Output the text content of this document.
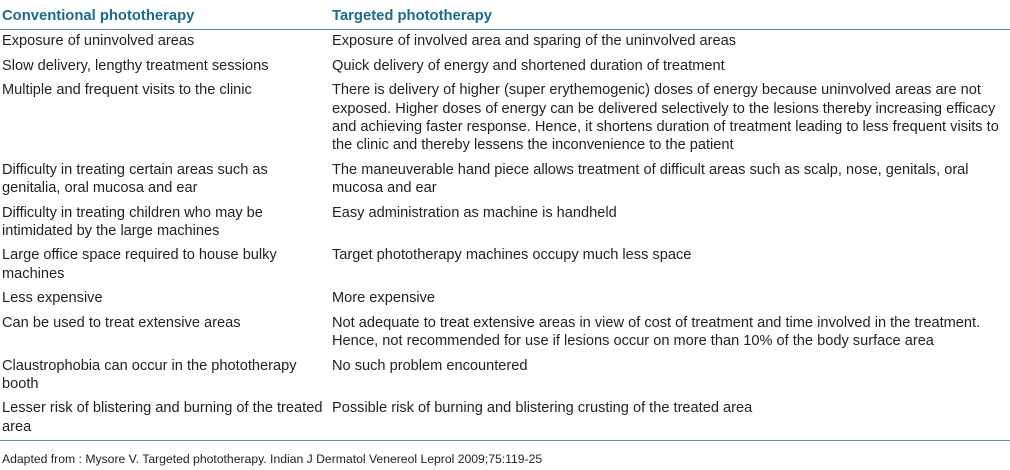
Conventional phototherapy	Targeted phototherapy
Exposure of uninvolved areas	Exposure of involved area and sparing of the uninvolved areas
Slow delivery, lengthy treatment sessions	Quick delivery of energy and shortened duration of treatment
Multiple and frequent visits to the clinic	There is delivery of higher (super erythemogenic) doses of energy because uninvolved areas are not exposed. Higher doses of energy can be delivered selectively to the lesions thereby increasing efficacy and achieving faster response. Hence, it shortens duration of treatment leading to less frequent visits to the clinic and thereby lessens the inconvenience to the patient
Difficulty in treating certain areas such as genitalia, oral mucosa and ear	The maneuverable hand piece allows treatment of difficult areas such as scalp, nose, genitals, oral mucosa and ear
Difficulty in treating children who may be intimidated by the large machines	Easy administration as machine is handheld
Large office space required to house bulky machines	Target phototherapy machines occupy much less space
Less expensive	More expensive
Can be used to treat extensive areas	Not adequate to treat extensive areas in view of cost of treatment and time involved in the treatment. Hence, not recommended for use if lesions occur on more than 10% of the body surface area
Claustrophobia can occur in the phototherapy booth	No such problem encountered
Lesser risk of blistering and burning of the treated area	Possible risk of burning and blistering crusting of the treated area
Adapted from : Mysore V. Targeted phototherapy. Indian J Dermatol Venereol Leprol 2009;75:119-25
